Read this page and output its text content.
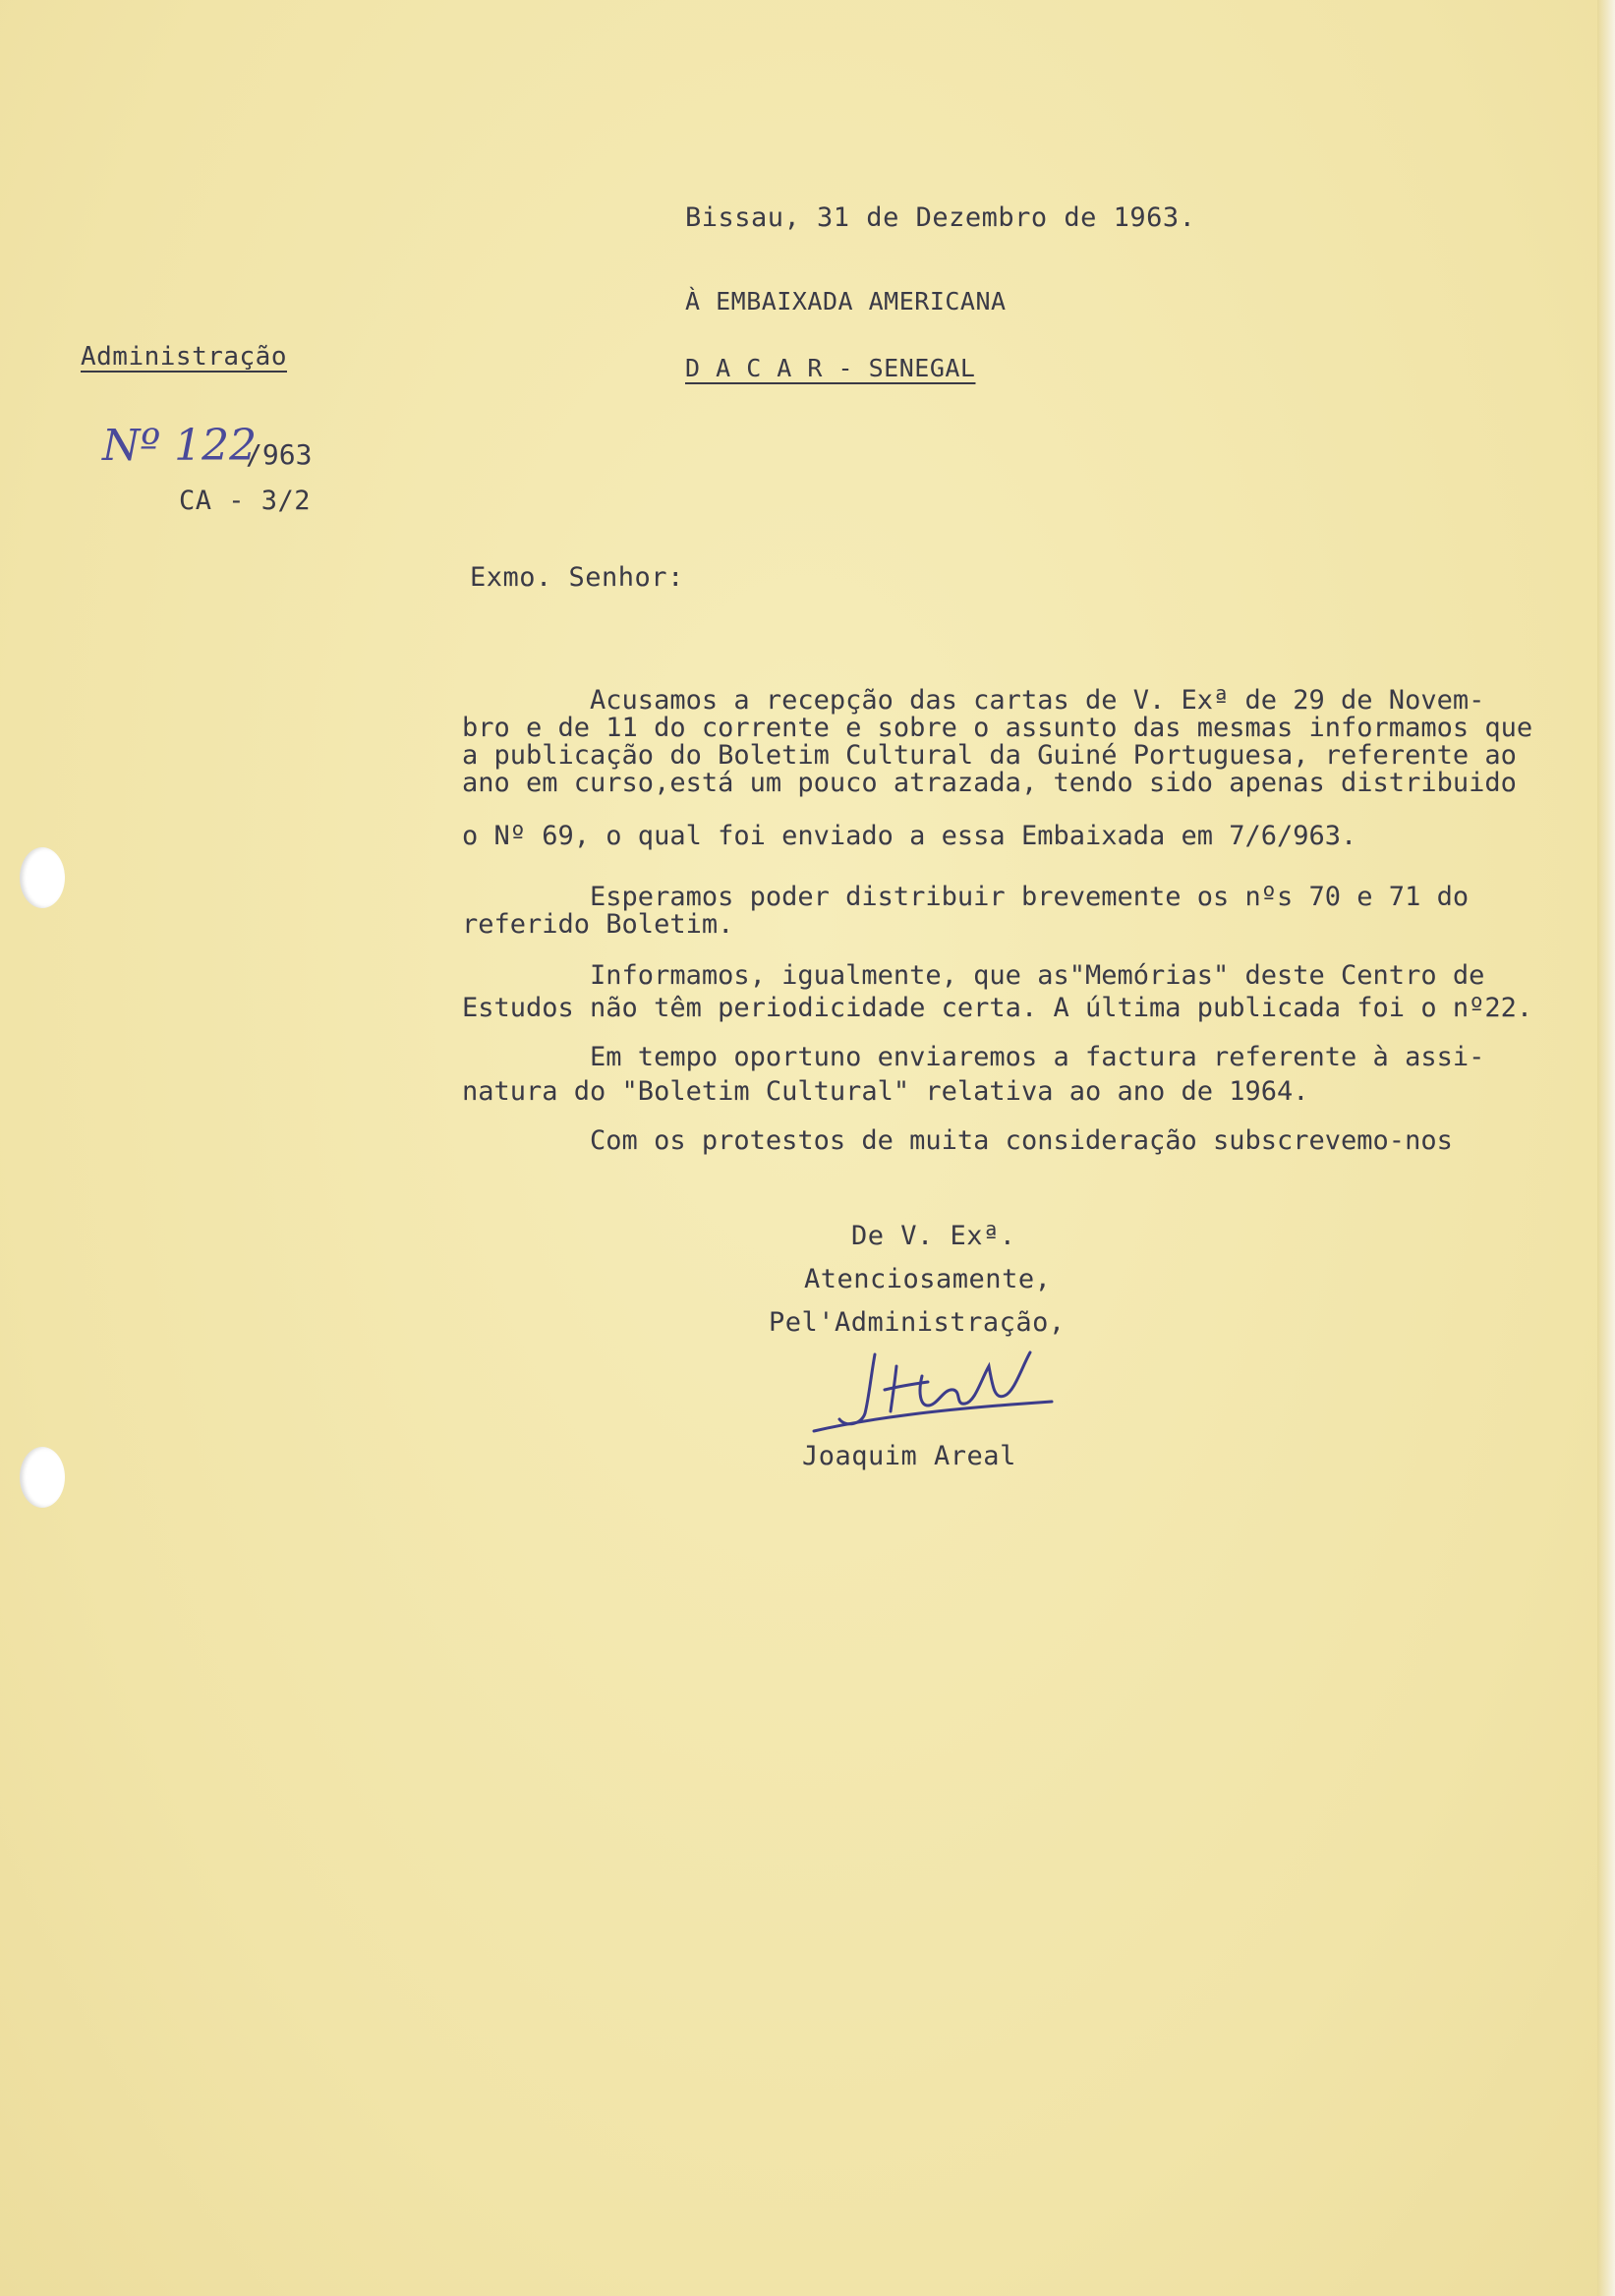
Bissau, 31 de Dezembro de 1963.
À EMBAIXADA AMERICANA
D A C A R - SENEGAL
Administração
Nº 122
/963
CA - 3/2
Exmo. Senhor:
Acusamos a recepção das cartas de V. Exª de 29 de Novem-
bro e de 11 do corrente e sobre o assunto das mesmas informamos que
a publicação do Boletim Cultural da Guiné Portuguesa, referente ao
ano em curso,está um pouco atrazada, tendo sido apenas distribuido
o Nº 69, o qual foi enviado a essa Embaixada em 7/6/963.
Esperamos poder distribuir brevemente os nºs 70 e 71 do
referido Boletim.
Informamos, igualmente, que as"Memórias" deste Centro de
Estudos não têm periodicidade certa. A última publicada foi o nº22.
Em tempo oportuno enviaremos a factura referente à assi-
natura do "Boletim Cultural" relativa ao ano de 1964.
Com os protestos de muita consideração subscrevemo-nos
De V. Exª.
Atenciosamente,
Pel'Administração,
Joaquim Areal
